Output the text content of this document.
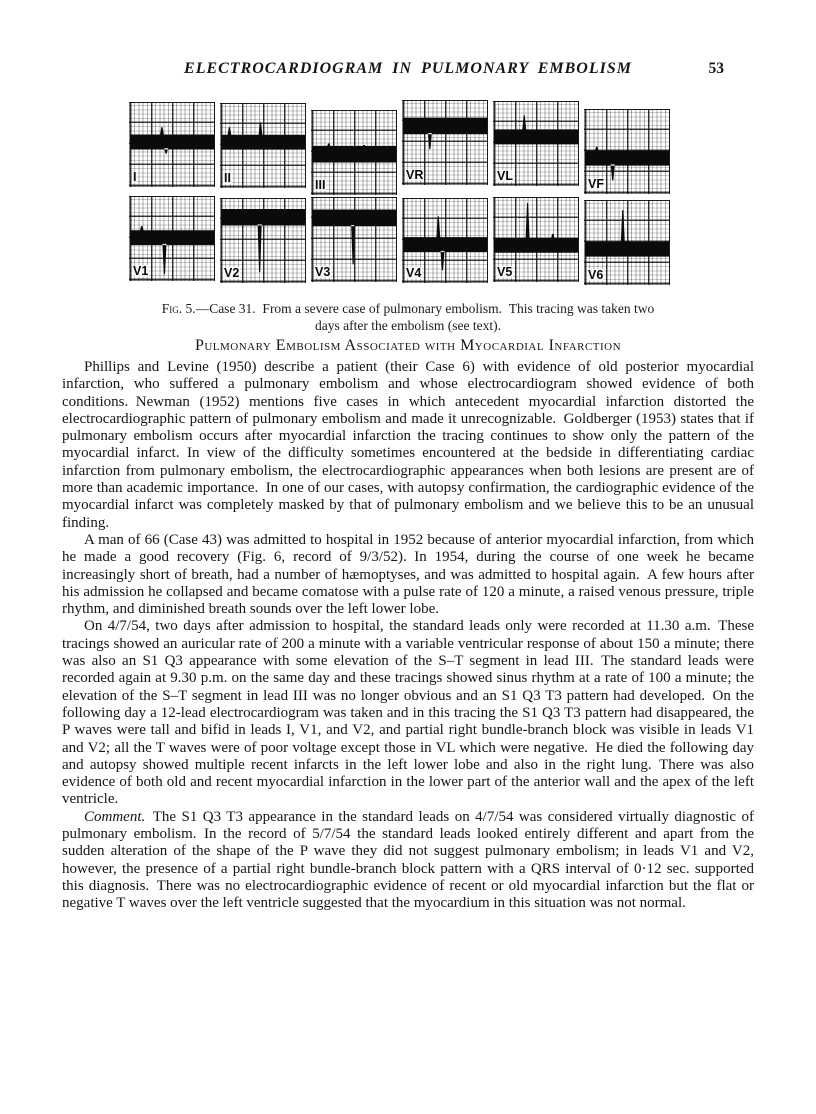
ELECTROCARDIOGRAM IN PULMONARY EMBOLISM	53
I	II	III
VR	VL
VF
V1	V2	V3	V4	V5	V6
Fig. 5.—Case 31. From a severe case of pulmonary embolism. This tracing was taken two
days after the embolism (see text).
Pulmonary Embolism Associated with Myocardial Infarction

Phillips and Levine (1950) describe a patient (their Case 6) with evidence of old posterior myocardial infarction, who suffered a pulmonary embolism and whose electrocardiogram showed evidence of both conditions. Newman (1952) mentions five cases in which antecedent myocardial infarction distorted the electrocardiographic pattern of pulmonary embolism and made it unrecognizable. Goldberger (1953) states that if pulmonary embolism occurs after myocardial infarction the tracing continues to show only the pattern of the myocardial infarct. In view of the difficulty sometimes encountered at the bedside in differentiating cardiac infarction from pulmonary embolism, the electrocardiographic appearances when both lesions are present are of more than academic importance. In one of our cases, with autopsy confirmation, the cardiographic evidence of the myocardial infarct was completely masked by that of pulmonary embolism and we believe this to be an unusual finding.

A man of 66 (Case 43) was admitted to hospital in 1952 because of anterior myocardial infarction, from which he made a good recovery (Fig. 6, record of 9/3/52). In 1954, during the course of one week he became increasingly short of breath, had a number of hæmoptyses, and was admitted to hospital again. A few hours after his admission he collapsed and became comatose with a pulse rate of 120 a minute, a raised venous pressure, triple rhythm, and diminished breath sounds over the left lower lobe.

On 4/7/54, two days after admission to hospital, the standard leads only were recorded at 11.30 a.m. These tracings showed an auricular rate of 200 a minute with a variable ventricular response of about 150 a minute; there was also an S1 Q3 appearance with some elevation of the S–T segment in lead III. The standard leads were recorded again at 9.30 p.m. on the same day and these tracings showed sinus rhythm at a rate of 100 a minute; the elevation of the S–T segment in lead III was no longer obvious and an S1 Q3 T3 pattern had developed. On the following day a 12-lead electrocardiogram was taken and in this tracing the S1 Q3 T3 pattern had disappeared, the P waves were tall and bifid in leads I, V1, and V2, and partial right bundle-branch block was visible in leads V1 and V2; all the T waves were of poor voltage except those in VL which were negative. He died the following day and autopsy showed multiple recent infarcts in the left lower lobe and also in the right lung. There was also evidence of both old and recent myocardial infarction in the lower part of the anterior wall and the apex of the left ventricle.

Comment. The S1 Q3 T3 appearance in the standard leads on 4/7/54 was considered virtually diagnostic of pulmonary embolism. In the record of 5/7/54 the standard leads looked entirely different and apart from the sudden alteration of the shape of the P wave they did not suggest pulmonary embolism; in leads V1 and V2, however, the presence of a partial right bundle-branch block pattern with a QRS interval of 0·12 sec. supported this diagnosis. There was no electrocardiographic evidence of recent or old myocardial infarction but the flat or negative T waves over the left ventricle suggested that the myocardium in this situation was not normal.
